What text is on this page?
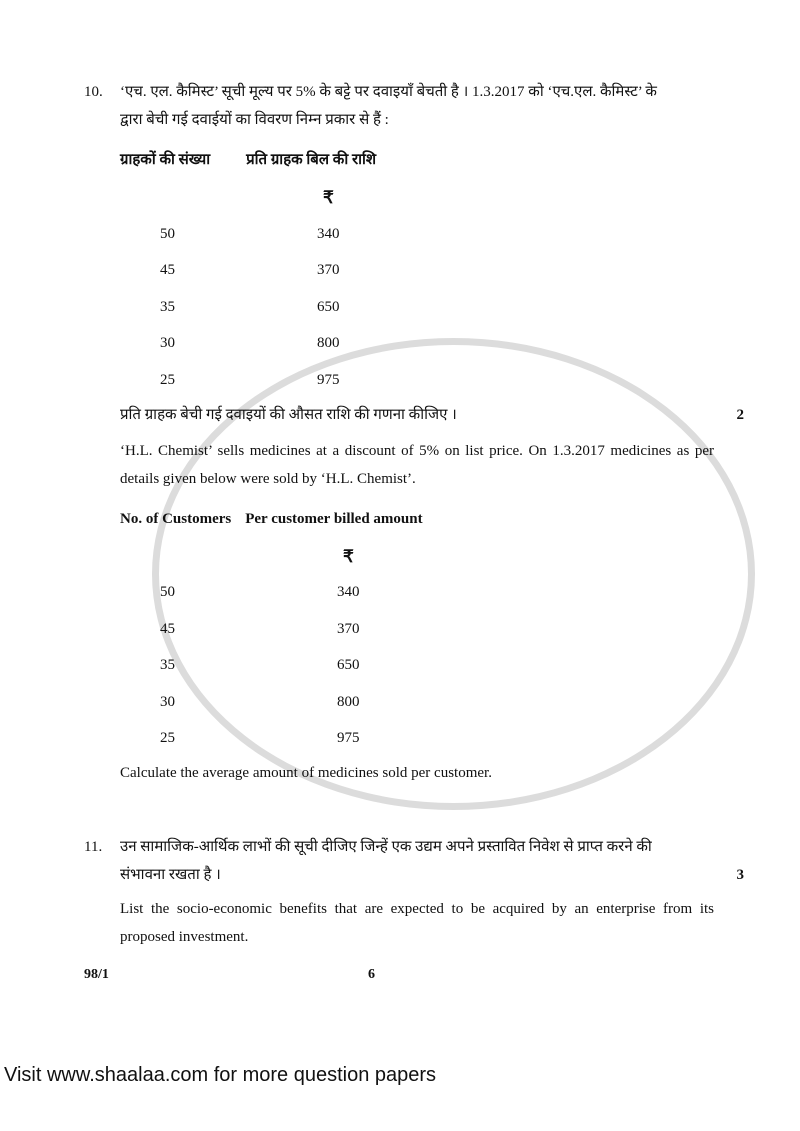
10.	‘एच. एल. कैमिस्ट’ सूची मूल्य पर 5% के बट्टे पर दवाइयाँ बेचती है । 1.3.2017 को ‘एच.एल. कैमिस्ट’ के
द्वारा बेची गई दवाईयों का विवरण निम्न प्रकार से हैं :
ग्राहकों की संख्या प्रति ग्राहक बिल की राशि
₹
50	340
45	370
35	650
30	800
25	975
प्रति ग्राहक बेची गई दवाइयों की औसत राशि की गणना कीजिए ।	2
‘H.L. Chemist’ sells medicines at a discount of 5% on list price. On 1.3.2017 medicines as per details given below were sold by ‘H.L. Chemist’.
No. of Customers Per customer billed amount
₹
50	340
45	370
35	650
30	800
25	975
Calculate the average amount of medicines sold per customer.
11.	उन सामाजिक-आर्थिक लाभों की सूची दीजिए जिन्हें एक उद्यम अपने प्रस्तावित निवेश से प्राप्त करने की
संभावना रखता है ।	3
List the socio-economic benefits that are expected to be acquired by an enterprise from its proposed investment.
98/1	6
Visit www.shaalaa.com for more question papers
